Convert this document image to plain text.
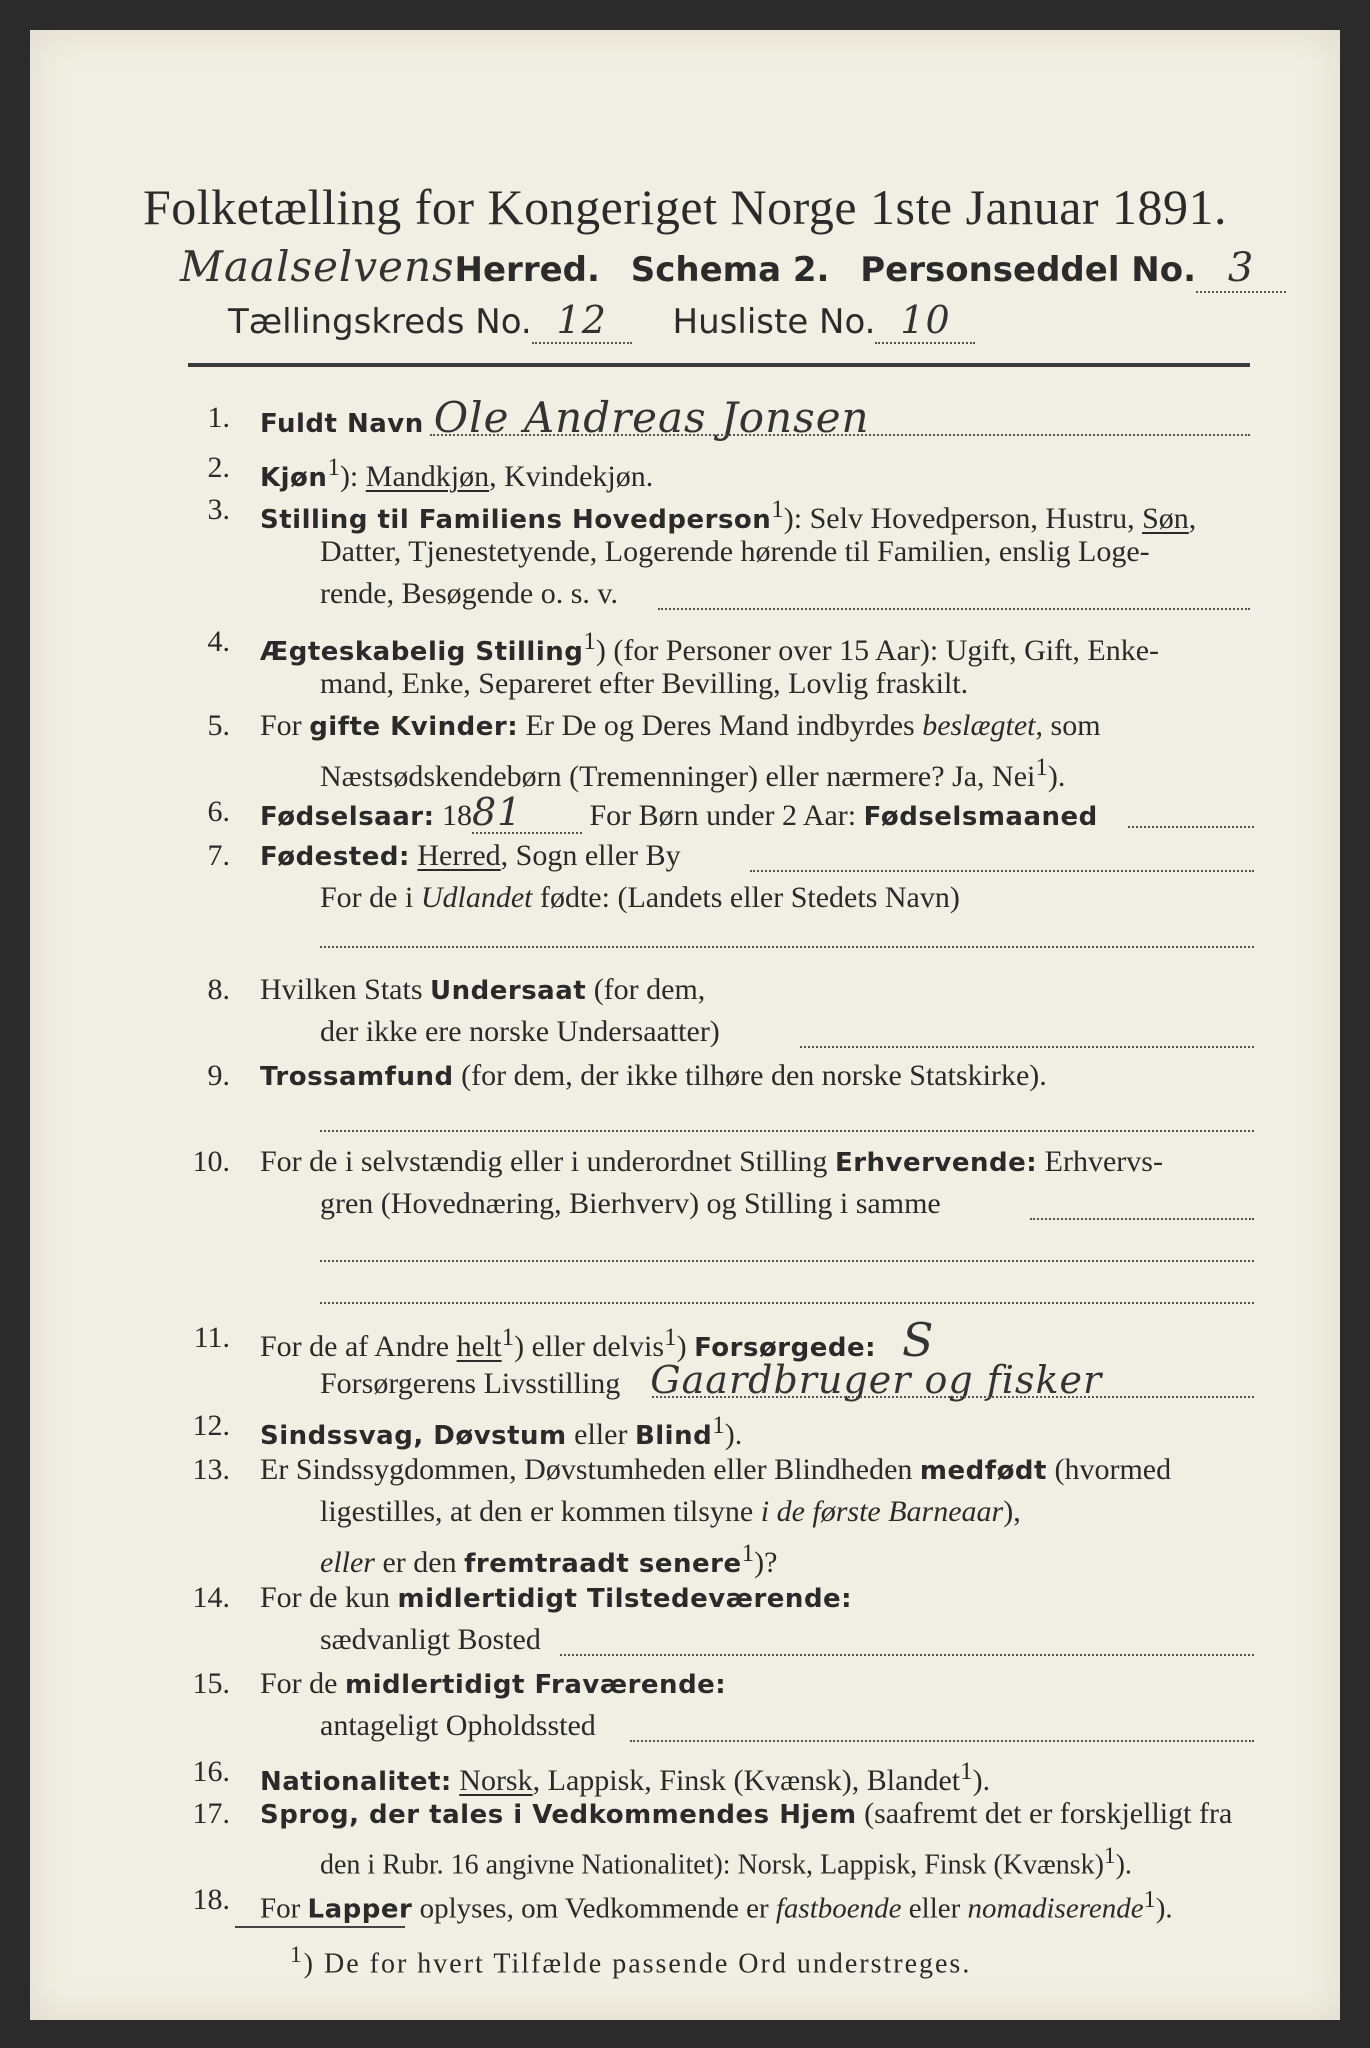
Folketælling for Kongeriget Norge 1ste Januar 1891.
MaalselvensHerred. Schema 2. Personseddel No. 3
Tællingskreds No. 12 Husliste No. 10
1. Fuldt Navn Ole Andreas Jonsen
2. Kjøn$^1$): Mandkjøn, Kvindekjøn.
3. Stilling til Familiens Hovedperson$^1$): Selv Hovedperson, Hustru, Søn,
Datter, Tjenestetyende, Logerende hørende til Familien, enslig Loge-
rende, Besøgende o. s. v.
4. Ægteskabelig Stilling$^1$) (for Personer over 15 Aar): Ugift, Gift, Enke-
mand, Enke, Separeret efter Bevilling, Lovlig fraskilt.
5. For gifte Kvinder: Er De og Deres Mand indbyrdes beslægtet, som
Næstsødskendebørn (Tremenninger) eller nærmere? Ja, Nei$^1$).
6. Fødselsaar: 1881 For Børn under 2 Aar: Fødselsmaaned
7. Fødested: Herred, Sogn eller By
For de i Udlandet fødte: (Landets eller Stedets Navn)
8. Hvilken Stats Undersaat (for dem,
der ikke ere norske Undersaatter)
9. Trossamfund (for dem, der ikke tilhøre den norske Statskirke).
10. For de i selvstændig eller i underordnet Stilling Erhvervende: Erhvervs-
gren (Hovednæring, Bierhverv) og Stilling i samme
11. For de af Andre helt$^1$) eller delvis$^1$) Forsørgede: S
Forsørgerens Livsstilling Gaardbruger og fisker
12. Sindssvag, Døvstum eller Blind$^1$).
13. Er Sindssygdommen, Døvstumheden eller Blindheden medfødt (hvormed
ligestilles, at den er kommen tilsyne i de første Barneaar),
eller er den fremtraadt senere$^1$)?
14. For de kun midlertidigt Tilstedeværende:
sædvanligt Bosted
15. For de midlertidigt Fraværende:
antageligt Opholdssted
16. Nationalitet: Norsk, Lappisk, Finsk (Kvænsk), Blandet$^1$).
17. Sprog, der tales i Vedkommendes Hjem (saafremt det er forskjelligt fra
den i Rubr. 16 angivne Nationalitet): Norsk, Lappisk, Finsk (Kvænsk)$^1$).
18. For Lapper oplyses, om Vedkommende er fastboende eller nomadiserende$^1$).
$^1$) De for hvert Tilfælde passende Ord understreges.
